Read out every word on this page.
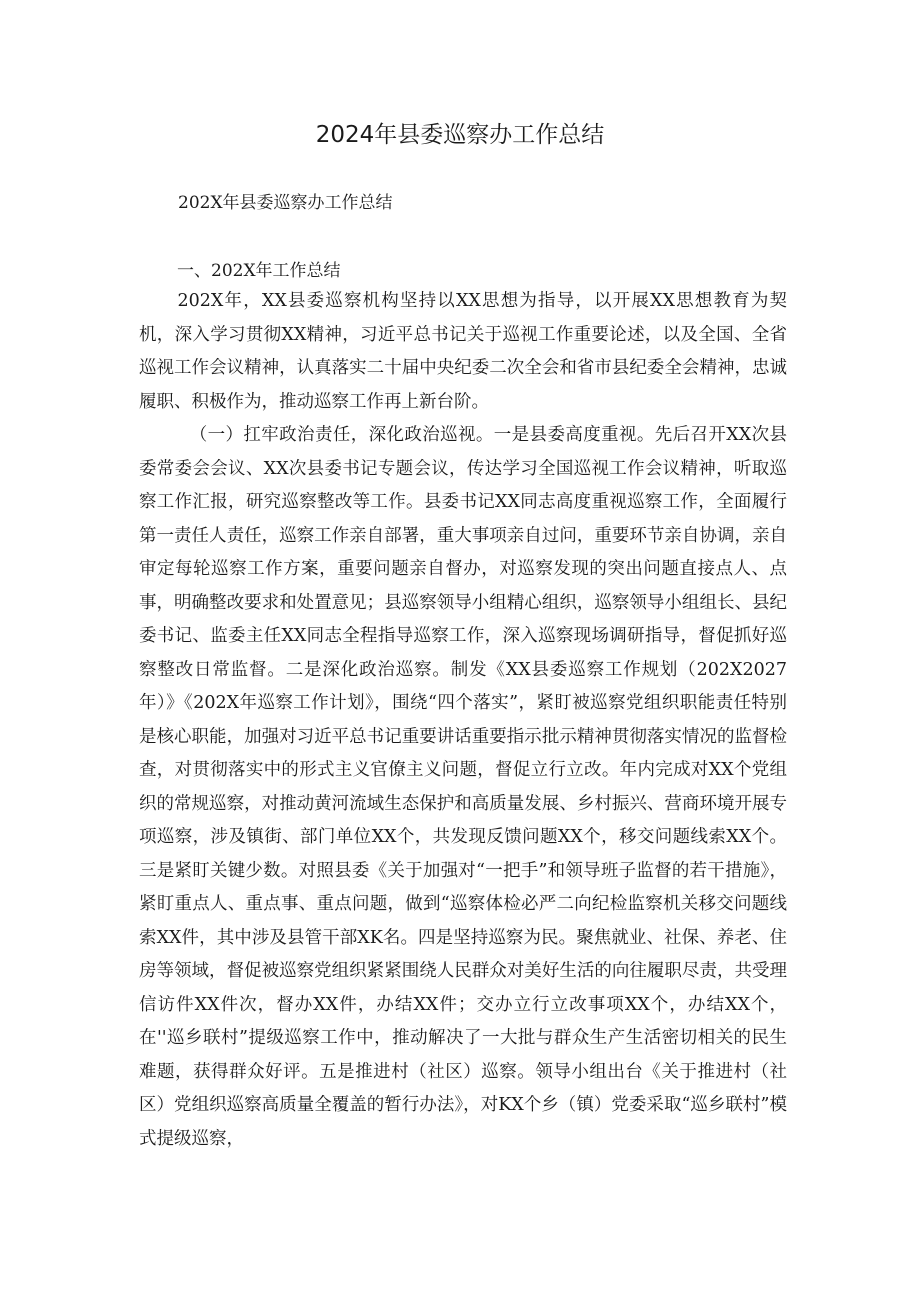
2024年县委巡察办工作总结
202X年县委巡察办工作总结
一、202X年工作总结

202X年，XX县委巡察机构坚持以XX思想为指导，以开展XX思想教育为契机，深入学习贯彻XX精神，习近平总书记关于巡视工作重要论述，以及全国、全省巡视工作会议精神，认真落实二十届中央纪委二次全会和省市县纪委全会精神，忠诚履职、积极作为，推动巡察工作再上新台阶。

（一）扛牢政治责任，深化政治巡视。一是县委高度重视。先后召开XX次县委常委会会议、XX次县委书记专题会议，传达学习全国巡视工作会议精神，听取巡察工作汇报，研究巡察整改等工作。县委书记XX同志高度重视巡察工作，全面履行第一责任人责任，巡察工作亲自部署，重大事项亲自过问，重要环节亲自协调，亲自审定每轮巡察工作方案，重要问题亲自督办，对巡察发现的突出问题直接点人、点事，明确整改要求和处置意见；县巡察领导小组精心组织，巡察领导小组组长、县纪委书记、监委主任XX同志全程指导巡察工作，深入巡察现场调研指导，督促抓好巡察整改日常监督。二是深化政治巡察。制发《XX县委巡察工作规划（202X2027年）》《202X年巡察工作计划》，围绕“四个落实”，紧盯被巡察党组织职能责任特别是核心职能，加强对习近平总书记重要讲话重要指示批示精神贯彻落实情况的监督检查，对贯彻落实中的形式主义官僚主义问题，督促立行立改。年内完成对XX个党组织的常规巡察，对推动黄河流域生态保护和高质量发展、乡村振兴、营商环境开展专项巡察，涉及镇街、部门单位XX个，共发现反馈问题XX个，移交问题线索XX个。三是紧盯关键少数。对照县委《关于加强对“一把手”和领导班子监督的若干措施》，紧盯重点人、重点事、重点问题，做到“巡察体检必严二向纪检监察机关移交问题线索XX件，其中涉及县管干部XK名。四是坚持巡察为民。聚焦就业、社保、养老、住房等领域，督促被巡察党组织紧紧围绕人民群众对美好生活的向往履职尽责，共受理信访件XX件次，督办XX件，办结XX件；交办立行立改事项XX个，办结XX个，在''巡乡联村”提级巡察工作中，推动解决了一大批与群众生产生活密切相关的民生难题，获得群众好评。五是推进村（社区）巡察。领导小组出台《关于推进村（社区）党组织巡察高质量全覆盖的暂行办法》，对KX个乡（镇）党委采取“巡乡联村”模式提级巡察，
